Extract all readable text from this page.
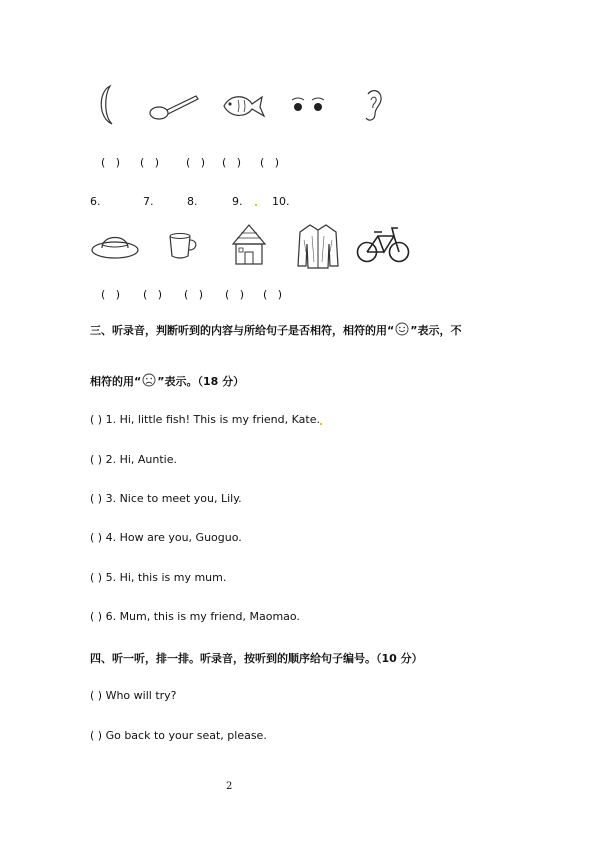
(   ) (   ) (   ) (   ) (   )
6.	7.	8.	9.	10.
(   ) (   ) (   ) (   ) (   )
三、听录音，判断听到的内容与所给句子是否相符，相符的用“ ”表示，不
相符的用“ ”表示。（18 分）
( ) 1. Hi, little fish! This is my friend, Kate.
( ) 2. Hi, Auntie.
( ) 3. Nice to meet you, Lily.
( ) 4. How are you, Guoguo.
( ) 5. Hi, this is my mum.
( ) 6. Mum, this is my friend, Maomao.
四、听一听，排一排。听录音，按听到的顺序给句子编号。（10 分）
( ) Who will try?
( ) Go back to your seat, please.
2
